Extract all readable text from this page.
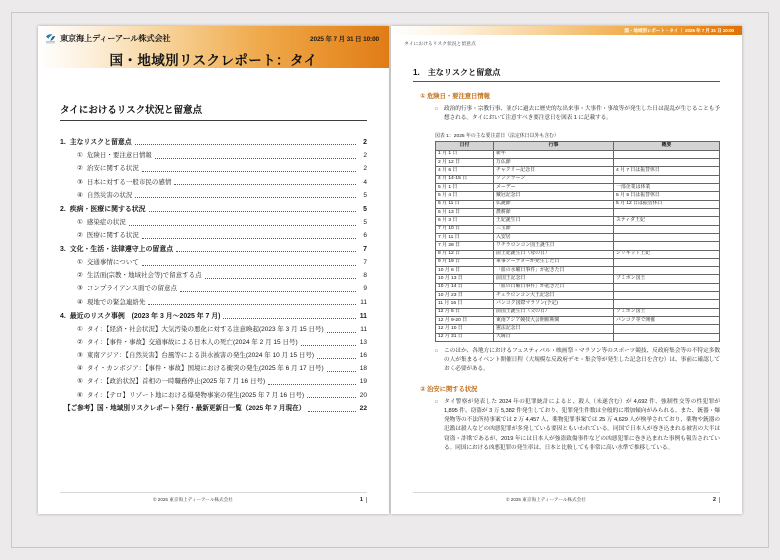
東京海上ディーアール株式会社	2025 年 7 月 31 日 10:00
国・地域別リスクレポート：タイ
タイにおけるリスク状況と留意点
1. 主なリスクと留意点	2
① 危険日・要注意日情報	2
② 治安に関する状況	2
③ 日本に対する一般市民の感情	4
④ 自然災害の状況	5
2. 疾病・医療に関する状況	5
① 感染症の状況	5
② 医療に関する状況	6
3. 文化・生活・法律遵守上の留意点	7
① 交通事情について	7
② 生活面(宗教・地域社会等)で留意する点	8
③ コンプライアンス面での留意点	9
④ 現地での緊急連絡先	11
4. 最近のリスク事例　(2023 年 3 月～2025 年 7 月)	11
① タイ：【経済・社会状況】大気汚染の悪化に対する注意喚起(2023 年 3 月 15 日号)	11
② タイ：【事件・事故】交通事故による日本人の死亡(2024 年 2 月 15 日号)	13
③ 東南アジア：【自然災害】台風等による洪水被害の発生(2024 年 10 月 15 日号)	16
④ タイ・カンボジア：【事件・事故】国境における衝突の発生(2025 年 6 月 17 日号)	18
⑤ タイ：【政治状況】首相の一時職務停止(2025 年 7 月 16 日号)	19
⑥ タイ：【テロ】リゾート地における爆発物事案の発生(2025 年 7 月 16 日号)	20
【ご参考】国・地域別リスクレポート発行・最新更新日一覧（2025 年 7 月現在）	22
© 2025 東京海上ディーアール株式会社	1
国・地域別レポート・タイ ｜ 2025 年 7 月 31 日 10:00
タイにおけるリスク状況と留意点
1.　主なリスクと留意点
① 危険日・要注意日情報
□	政治的行事・宗教行事、並びに過去に歴史的な出来事・大事件・事故等が発生した日は混乱が生じることも予想される。タイにおいて注意すべき要注意日を図表 1 に記載する。
図表 1：2025 年の主な要注意日（法定休日以外も含む）
日付	行事	概要
1 月 1 日	新年	
2 月 12 日	万仏節	
4 月 6 日	チャクリー記念日	4 月 7 日は振替休日
4 月 14-15 日	ソンクラーン	
5 月 1 日	メーデー	一部企業は休業
5 月 4 日	戴冠記念日	5 月 5 日は振替休日
5 月 11 日	仏誕節	5 月 12 日は振替休日
5 月 13 日	農耕節	
6 月 3 日	王妃誕生日	スティダ王妃
7 月 10 日	三宝節	
7 月 11 日	入安居	
7 月 28 日	ワチラロンコン国王誕生日	
8 月 12 日	前王妃誕生日（母の日）	シリキット王妃
9 月 19 日	軍事クーデターが発生した日	
10 月 6 日	「血の水曜日事件」が起きた日	
10 月 13 日	前国王記念日	プミポン国王
10 月 14 日	「血の日曜日事件」が起きた日	
10 月 23 日	チュラロンコン大王記念日	
11 月 16 日	バンコク国際マラソン(予定)	
12 月 5 日	前国王誕生日（父の日）	プミポン国王
12 月 9-20 日	東南アジア競技大会開催期間	バンコク等で開催
12 月 10 日	憲法記念日	
12 月 31 日	大晦日	
□	このほか、各地方におけるフェスティバル・映画祭・マラソン等のスポーツ競技、反政府集会等の不特定多数の人が集まるイベント開催日程（大規模な反政府デモ・集会等が発生した記念日を含む）は、事前に確認しておく必要がある。
② 治安に関する状況
□	タイ警察が発表した 2024 年の犯罪統計によると、殺人（未遂含む）が 4,692 件、強制性交等の性犯罪が 1,895 件、窃盗が 3 万 5,382 件発生しており、犯罪発生件数は全般的に増加傾向がみられる。また、銃器・爆発物等の不法所持事案では 2 万 4,457 人、薬物犯罪事案では 25 万 4,629 人が検挙されており、薬物や銃器の氾濫は殺人などの凶悪犯罪が多発している要因ともいわれている。同国で日本人が巻き込まれる被害の大半は窃盗・詐欺であるが、2019 年には日本人が強盗致傷事件などの凶悪犯罪に巻き込まれた事例も報告されている。同国における凶悪犯罪の発生率は、日本と比較しても非常に高い水準で推移している。
© 2025 東京海上ディーアール株式会社	2
